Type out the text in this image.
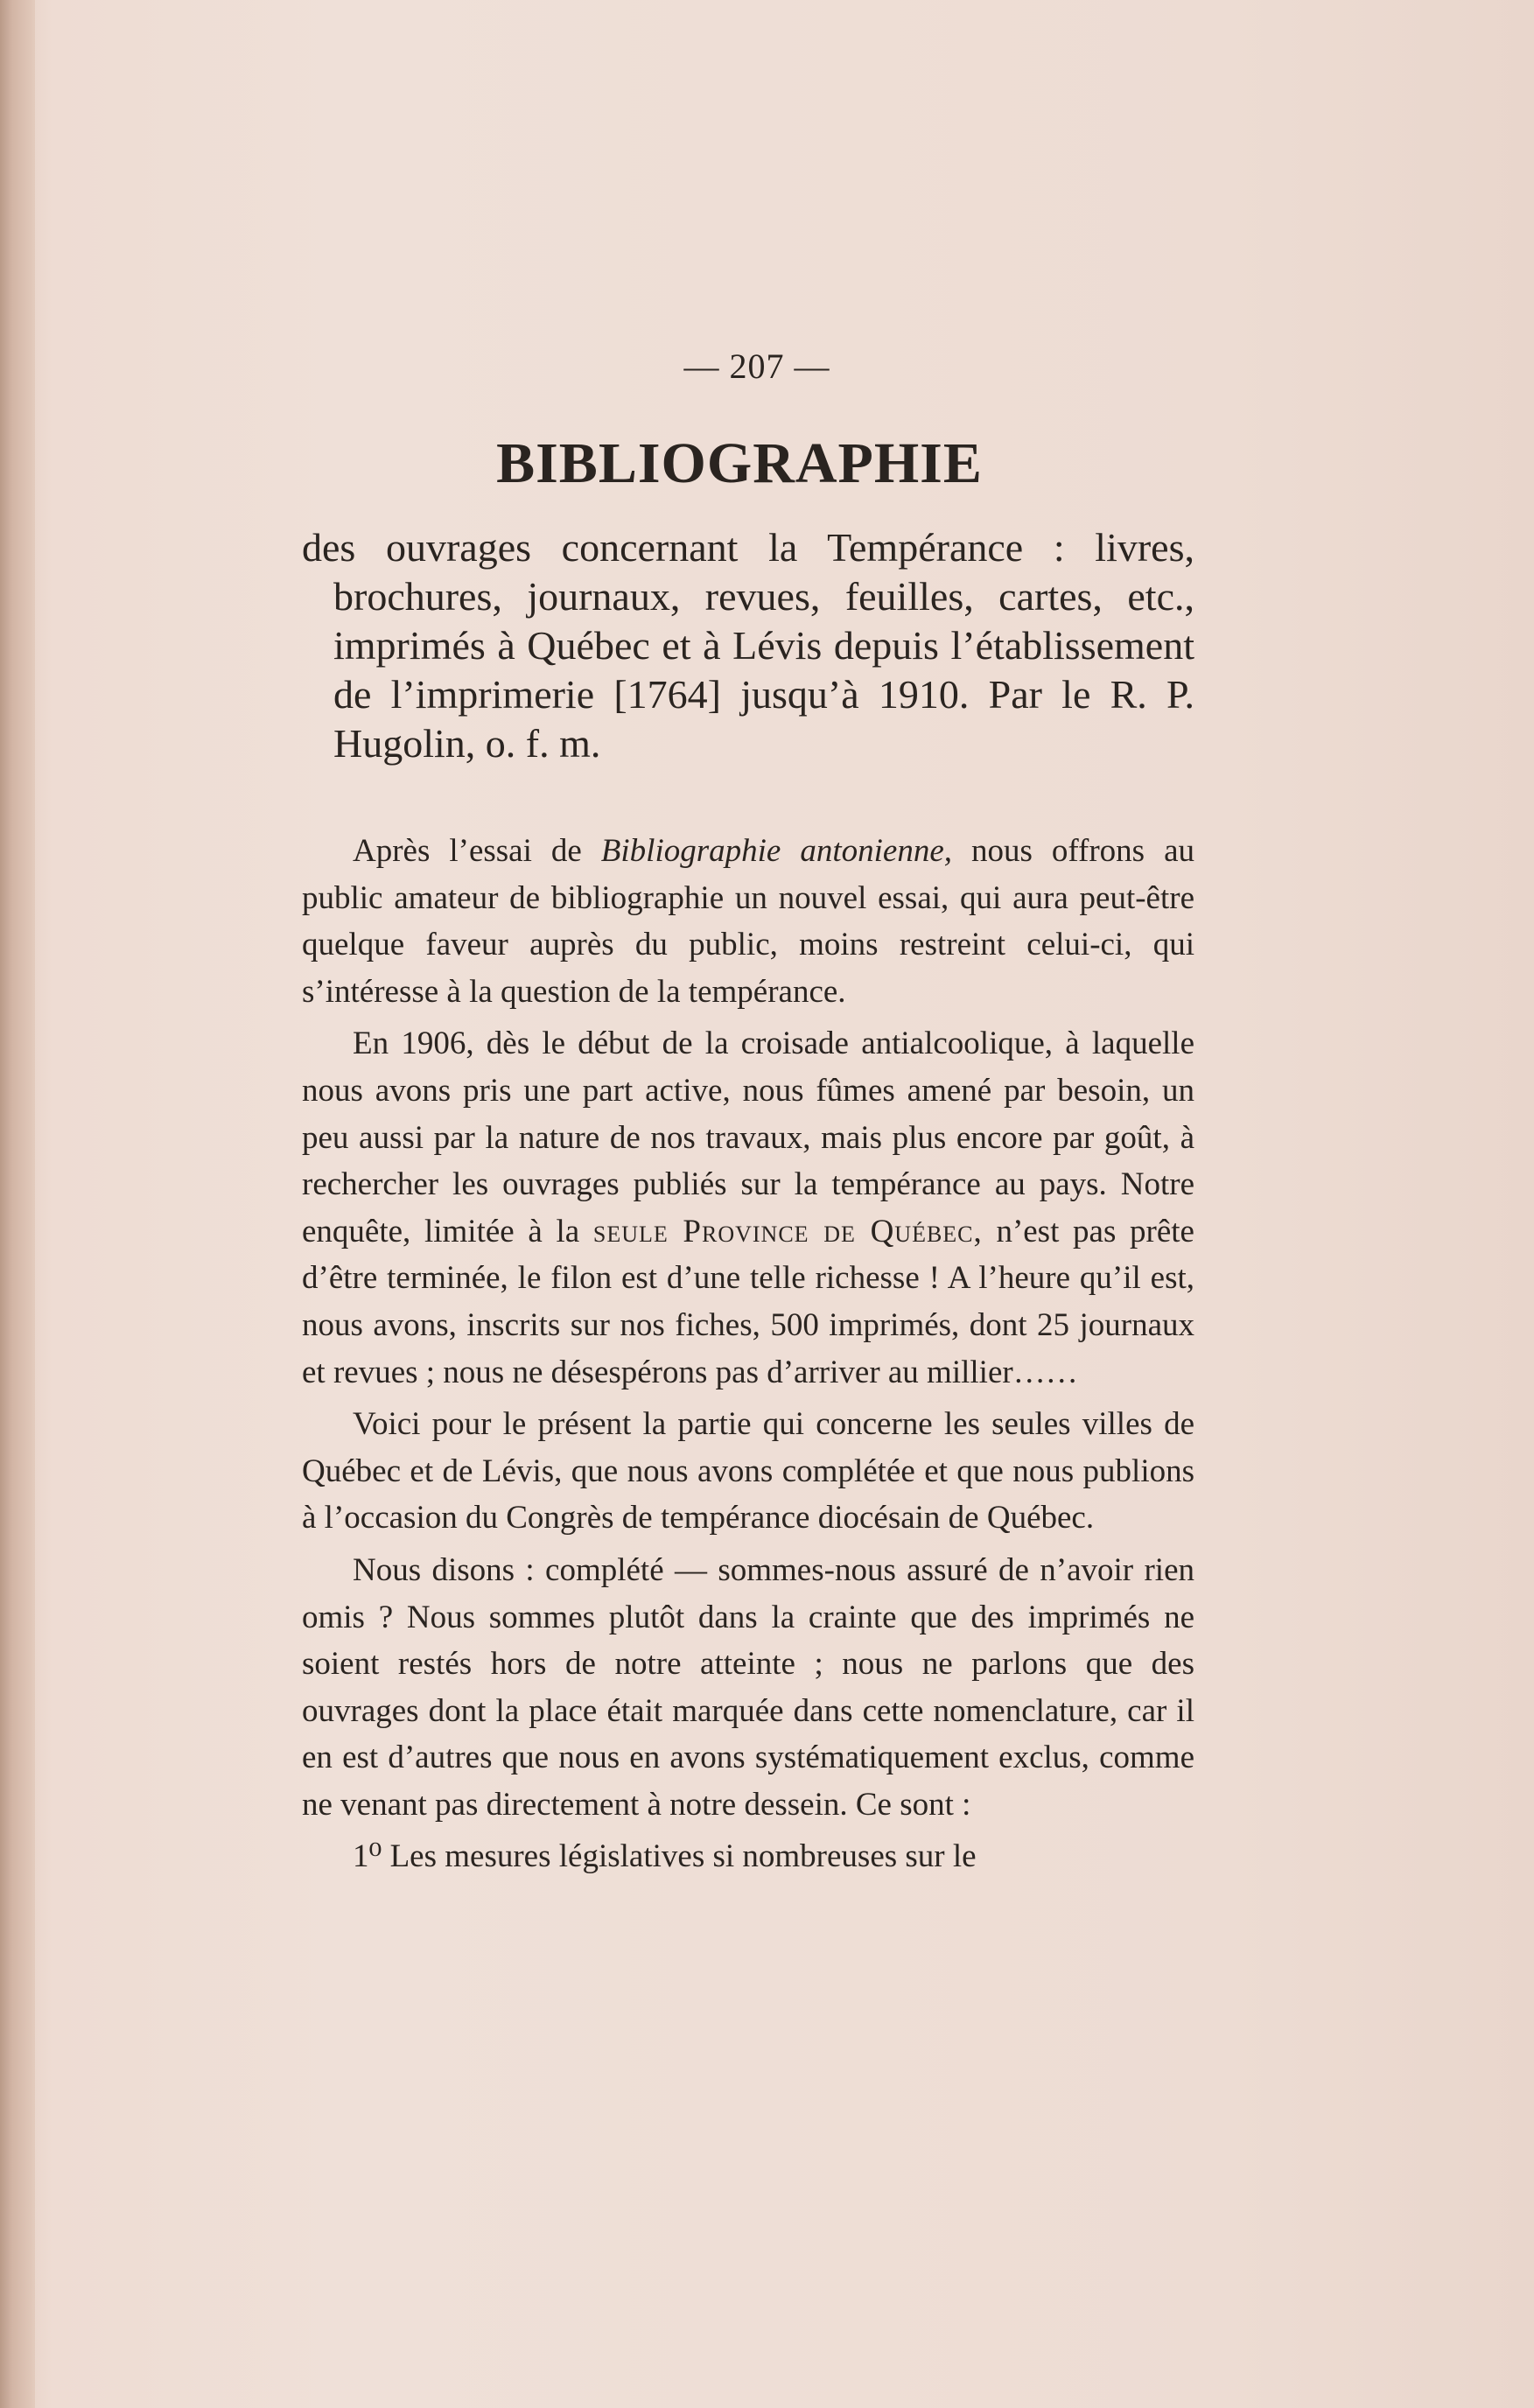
— 207 —
BIBLIOGRAPHIE

des ouvrages concernant la Tempérance : livres, brochures, journaux, revues, feuilles, cartes, etc., imprimés à Québec et à Lévis depuis l’établissement de l’imprimerie [1764] jusqu’à 1910. Par le R. P. Hugolin, o. f. m.

Après l’essai de Bibliographie antonienne, nous offrons au public amateur de bibliographie un nouvel essai, qui aura peut-être quelque faveur auprès du public, moins restreint celui-ci, qui s’intéresse à la question de la tempérance.

En 1906, dès le début de la croisade antialcoolique, à laquelle nous avons pris une part active, nous fûmes amené par besoin, un peu aussi par la nature de nos travaux, mais plus encore par goût, à rechercher les ouvrages publiés sur la tempérance au pays. Notre enquête, limitée à la seule Province de Québec, n’est pas prête d’être terminée, le filon est d’une telle richesse ! A l’heure qu’il est, nous avons, inscrits sur nos fiches, 500 imprimés, dont 25 journaux et revues ; nous ne désespérons pas d’arriver au millier……

Voici pour le présent la partie qui concerne les seules villes de Québec et de Lévis, que nous avons complétée et que nous publions à l’occasion du Congrès de tempérance diocésain de Québec.

Nous disons : complété — sommes-nous assuré de n’avoir rien omis ? Nous sommes plutôt dans la crainte que des imprimés ne soient restés hors de notre atteinte ; nous ne parlons que des ouvrages dont la place était marquée dans cette nomenclature, car il en est d’autres que nous en avons systématiquement exclus, comme ne venant pas directement à notre dessein. Ce sont :

1⁰ Les mesures législatives si nombreuses sur le
